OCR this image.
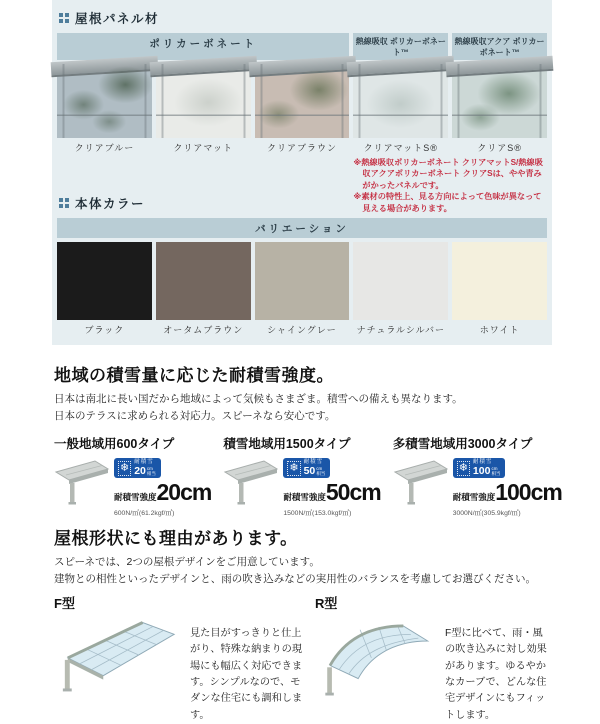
屋根パネル材
ポリカーボネート	熱線吸収 ポリカーボネート™
熱線吸収アクア ポリカーボネート™
クリアブルー	クリアマット	クリアブラウン	クリアマットS®	クリアS®
本体カラー

※熱線吸収ポリカーボネート クリアマットS/熱線吸収アクアポリカーボネート クリアSは、やや青みがかったパネルです。

※素材の特性上、見る方向によって色味が異なって見える場合があります。

バリエーション
ブラック	オータムブラウン	シャイングレー	ナチュラルシルバー	ホワイト
地域の積雪量に応じた耐積雪強度。

日本は南北に長い国だから地域によって気候もさまざま。積雪への備えも異なります。

日本のテラスに求められる対応力。スピーネなら安心です。

一般地域用600タイプ
❄ 耐積雪
20 cm
相当
耐積雪強度 20cm
600N/㎡(61.2kgf/㎡)
積雪地域用1500タイプ
❄ 耐積雪
50 cm
相当
耐積雪強度 50cm
1500N/㎡(153.0kgf/㎡)
多積雪地域用3000タイプ
❄ 耐積雪
100 cm
相当
耐積雪強度 100cm
3000N/㎡(305.9kgf/㎡)
屋根形状にも理由があります。

スピーネでは、2つの屋根デザインをご用意しています。

建物との相性といったデザインと、雨の吹き込みなどの実用性のバランスを考慮してお選びください。

F型

見た目がすっきりと仕上がり、特殊な納まりの現場にも幅広く対応できます。シンプルなので、モダンな住宅にも調和します。

R型

F型に比べて、雨・風の吹き込みに対し効果があります。ゆるやかなカーブで、どんな住宅デザインにもフィットします。
